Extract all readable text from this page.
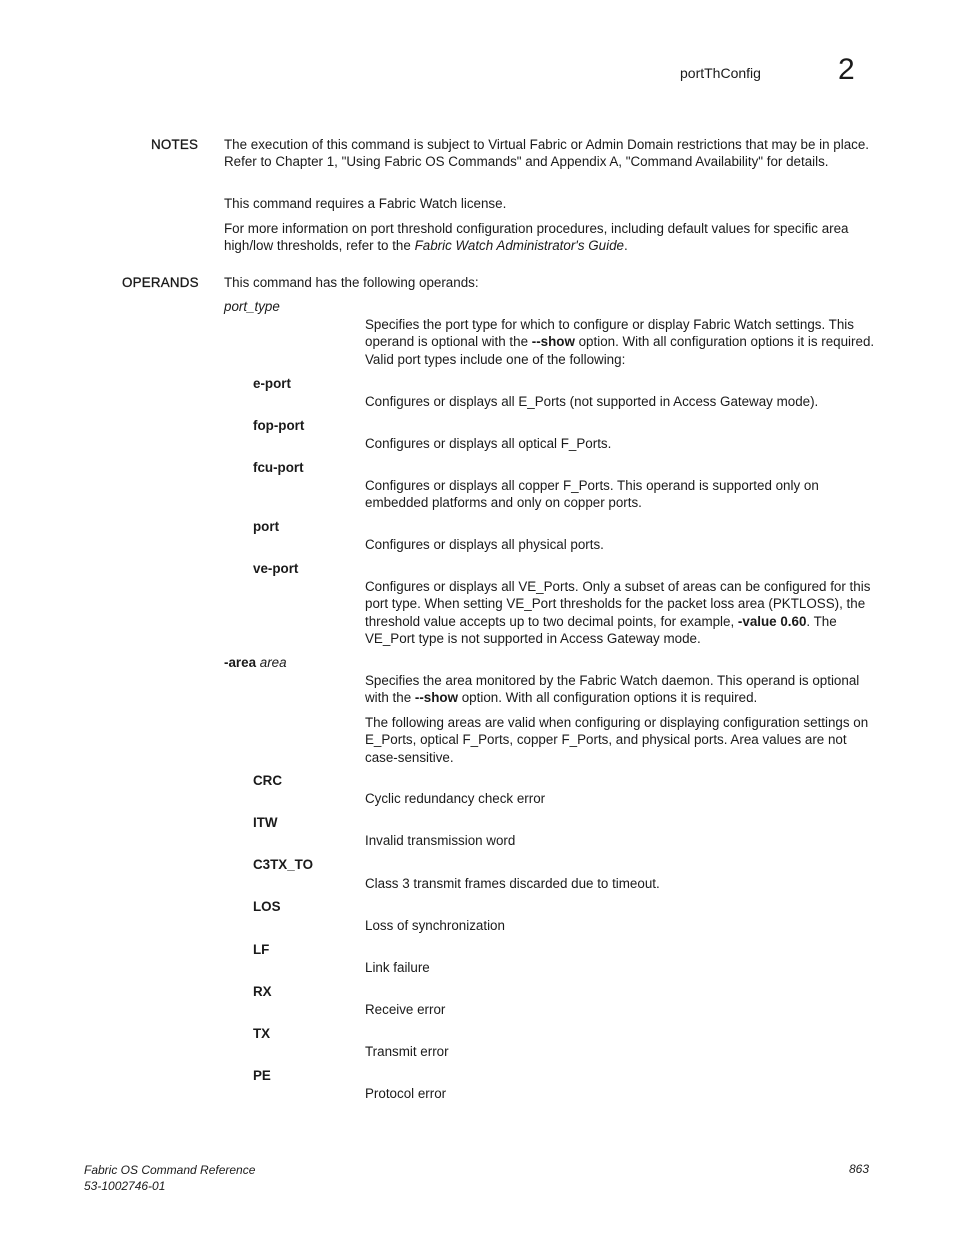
portThConfig	2
NOTES The execution of this command is subject to Virtual Fabric or Admin Domain restrictions that may be in place. Refer to Chapter 1, "Using Fabric OS Commands" and Appendix A, "Command Availability" for details.
This command requires a Fabric Watch license.
For more information on port threshold configuration procedures, including default values for specific area high/low thresholds, refer to the Fabric Watch Administrator's Guide.
OPERANDS This command has the following operands:
port_type
Specifies the port type for which to configure or display Fabric Watch settings. This operand is optional with the --show option. With all configuration options it is required. Valid port types include one of the following:
e-port
Configures or displays all E_Ports (not supported in Access Gateway mode).
fop-port
Configures or displays all optical F_Ports.
fcu-port
Configures or displays all copper F_Ports. This operand is supported only on embedded platforms and only on copper ports.
port
Configures or displays all physical ports.
ve-port
Configures or displays all VE_Ports. Only a subset of areas can be configured for this port type. When setting VE_Port thresholds for the packet loss area (PKTLOSS), the threshold value accepts up to two decimal points, for example, -value 0.60. The VE_Port type is not supported in Access Gateway mode.
-area area
Specifies the area monitored by the Fabric Watch daemon. This operand is optional with the --show option. With all configuration options it is required.
The following areas are valid when configuring or displaying configuration settings on E_Ports, optical F_Ports, copper F_Ports, and physical ports. Area values are not case-sensitive.
CRC
Cyclic redundancy check error
ITW
Invalid transmission word
C3TX_TO
Class 3 transmit frames discarded due to timeout.
LOS
Loss of synchronization
LF
Link failure
RX
Receive error
TX
Transmit error
PE
Protocol error
Fabric OS Command Reference
53-1002746-01
863
